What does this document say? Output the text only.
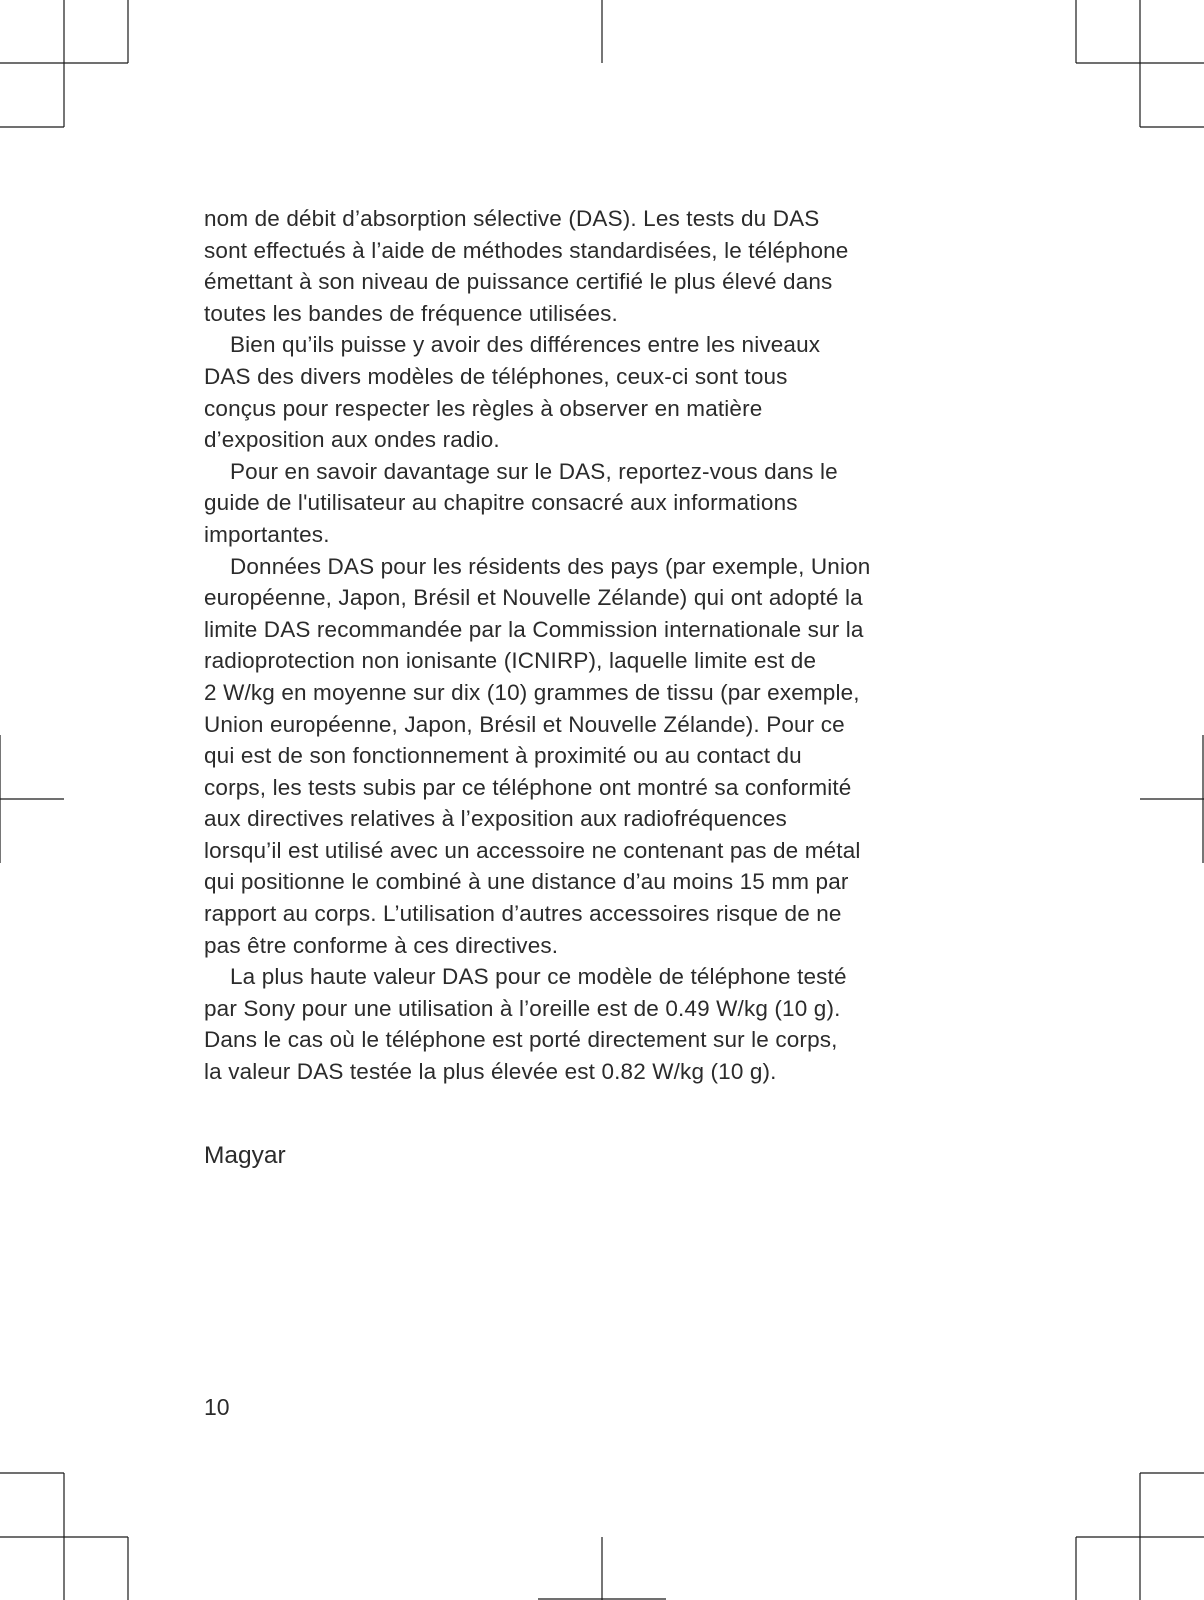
nom de débit d’absorption sélective (DAS). Les tests du DAS
sont effectués à l’aide de méthodes standardisées, le téléphone
émettant à son niveau de puissance certifié le plus élevé dans
toutes les bandes de fréquence utilisées.
Bien qu’ils puisse y avoir des différences entre les niveaux
DAS des divers modèles de téléphones, ceux-ci sont tous
conçus pour respecter les règles à observer en matière
d’exposition aux ondes radio.
Pour en savoir davantage sur le DAS, reportez-vous dans le
guide de l'utilisateur au chapitre consacré aux informations
importantes.
Données DAS pour les résidents des pays (par exemple, Union
européenne, Japon, Brésil et Nouvelle Zélande) qui ont adopté la
limite DAS recommandée par la Commission internationale sur la
radioprotection non ionisante (ICNIRP), laquelle limite est de
2 W/kg en moyenne sur dix (10) grammes de tissu (par exemple,
Union européenne, Japon, Brésil et Nouvelle Zélande). Pour ce
qui est de son fonctionnement à proximité ou au contact du
corps, les tests subis par ce téléphone ont montré sa conformité
aux directives relatives à l’exposition aux radiofréquences
lorsqu’il est utilisé avec un accessoire ne contenant pas de métal
qui positionne le combiné à une distance d’au moins 15 mm par
rapport au corps. L’utilisation d’autres accessoires risque de ne
pas être conforme à ces directives.
La plus haute valeur DAS pour ce modèle de téléphone testé
par Sony pour une utilisation à l’oreille est de 0.49 W/kg (10 g).
Dans le cas où le téléphone est porté directement sur le corps,
la valeur DAS testée la plus élevée est 0.82 W/kg (10 g).
Magyar
10
